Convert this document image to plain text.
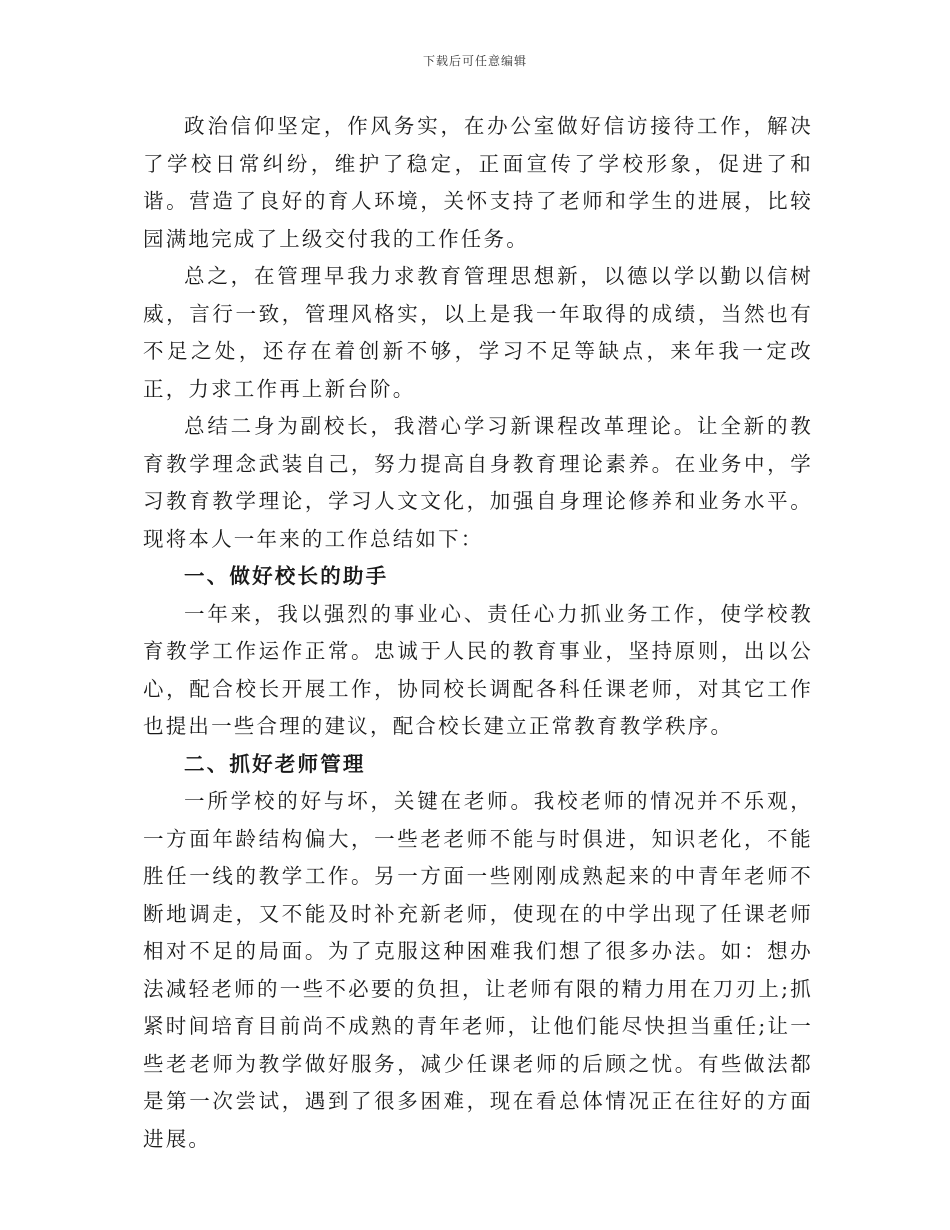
下载后可任意编辑

政治信仰坚定，作风务实，在办公室做好信访接待工作，解决了学校日常纠纷，维护了稳定，正面宣传了学校形象，促进了和谐。营造了良好的育人环境，关怀支持了老师和学生的进展，比较园满地完成了上级交付我的工作任务。

总之，在管理早我力求教育管理思想新，以德以学以勤以信树威，言行一致，管理风格实，以上是我一年取得的成绩，当然也有不足之处，还存在着创新不够，学习不足等缺点，来年我一定改正，力求工作再上新台阶。

总结二身为副校长，我潜心学习新课程改革理论。让全新的教育教学理念武装自己，努力提高自身教育理论素养。在业务中，学习教育教学理论，学习人文文化，加强自身理论修养和业务水平。现将本人一年来的工作总结如下：

一、做好校长的助手

一年来，我以强烈的事业心、责任心力抓业务工作，使学校教育教学工作运作正常。忠诚于人民的教育事业，坚持原则，出以公心，配合校长开展工作，协同校长调配各科任课老师，对其它工作也提出一些合理的建议，配合校长建立正常教育教学秩序。

二、抓好老师管理

一所学校的好与坏，关键在老师。我校老师的情况并不乐观，一方面年龄结构偏大，一些老老师不能与时俱进，知识老化，不能胜任一线的教学工作。另一方面一些刚刚成熟起来的中青年老师不断地调走，又不能及时补充新老师，使现在的中学出现了任课老师相对不足的局面。为了克服这种困难我们想了很多办法。如：想办法减轻老师的一些不必要的负担，让老师有限的精力用在刀刃上;抓紧时间培育目前尚不成熟的青年老师，让他们能尽快担当重任;让一些老老师为教学做好服务，减少任课老师的后顾之忧。有些做法都是第一次尝试，遇到了很多困难，现在看总体情况正在往好的方面进展。
